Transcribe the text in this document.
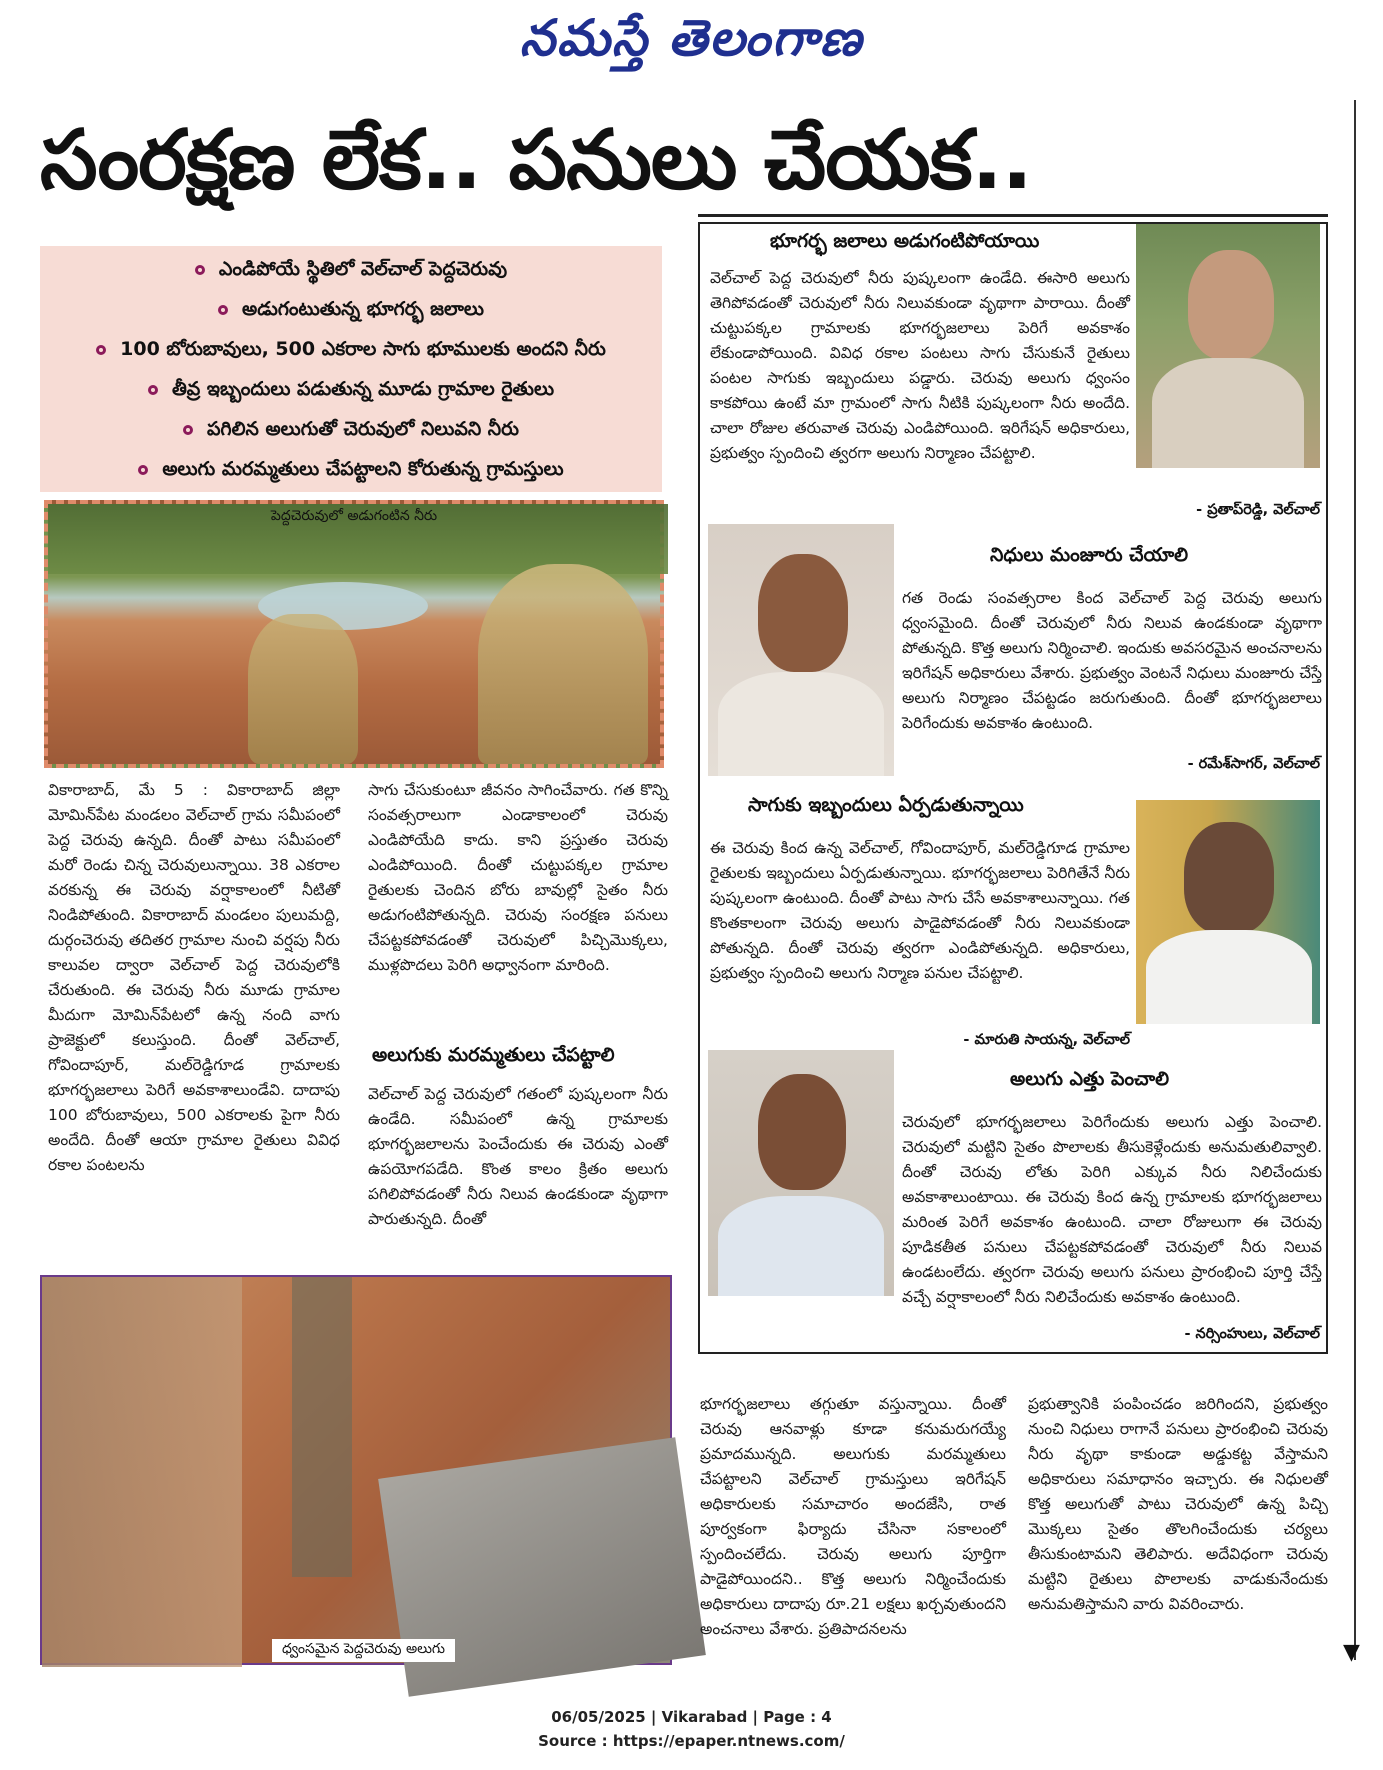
నమస్తే తెలంగాణ
సంరక్షణ లేక.. పనులు చేయక..
▼
ఎండిపోయే స్థితిలో వెల్‌చాల్ పెద్దచెరువు
అడుగంటుతున్న భూగర్భ జలాలు
100 బోరుబావులు, 500 ఎకరాల సాగు భూములకు అందని నీరు
తీవ్ర ఇబ్బందులు పడుతున్న మూడు గ్రామాల రైతులు
పగిలిన అలుగుతో చెరువులో నిలువని నీరు
అలుగు మరమ్మతులు చేపట్టాలని కోరుతున్న గ్రామస్తులు
పెద్దచెరువులో అడుగంటిన నీరు
వికారాబాద్, మే 5 : వికారాబాద్ జిల్లా మోమిన్‌పేట మండలం వెల్‌చాల్ గ్రామ సమీపంలో పెద్ద చెరువు ఉన్నది. దీంతో పాటు సమీపంలో మరో రెండు చిన్న చెరువులున్నాయి. 38 ఎకరాల వరకున్న ఈ చెరువు వర్షాకాలంలో నీటితో నిండిపోతుంది. వికారాబాద్ మండలం పులుమద్ది, దుర్గంచెరువు తదితర గ్రామాల నుంచి వర్షపు నీరు కాలువల ద్వారా వెల్‌చాల్ పెద్ద చెరువులోకి చేరుతుంది. ఈ చెరువు నీరు మూడు గ్రామాల మీదుగా మోమిన్‌పేటలో ఉన్న నంది వాగు ప్రాజెక్టులో కలుస్తుంది. దీంతో వెల్‌చాల్, గోవిందాపూర్, మల్‌రెడ్డిగూడ గ్రామాలకు భూగర్భజలాలు పెరిగే అవకాశాలుండేవి. దాదాపు 100 బోరుబావులు, 500 ఎకరాలకు పైగా నీరు అందేది. దీంతో ఆయా గ్రామాల రైతులు వివిధ రకాల పంటలను
సాగు చేసుకుంటూ జీవనం సాగించేవారు. గత కొన్ని సంవత్సరాలుగా ఎండాకాలంలో చెరువు ఎండిపోయేది కాదు. కాని ప్రస్తుతం చెరువు ఎండిపోయింది. దీంతో చుట్టుపక్కల గ్రామాల రైతులకు చెందిన బోరు బావుల్లో సైతం నీరు అడుగంటిపోతున్నది. చెరువు సంరక్షణ పనులు చేపట్టకపోవడంతో చెరువులో పిచ్చిమొక్కలు, ముళ్లపొదలు పెరిగి అధ్వానంగా మారింది.
అలుగుకు మరమ్మతులు చేపట్టాలి
వెల్‌చాల్ పెద్ద చెరువులో గతంలో పుష్కలంగా నీరు ఉండేది. సమీపంలో ఉన్న గ్రామాలకు భూగర్భజలాలను పెంచేందుకు ఈ చెరువు ఎంతో ఉపయోగపడేది. కొంత కాలం క్రితం అలుగు పగిలిపోవడంతో నీరు నిలువ ఉండకుండా వృథాగా పారుతున్నది. దీంతో
ధ్వంసమైన పెద్దచెరువు అలుగు
భూగర్భ జలాలు అడుగంటిపోయాయి
వెల్‌చాల్ పెద్ద చెరువులో నీరు పుష్కలంగా ఉండేది. ఈసారి అలుగు తెగిపోవడంతో చెరువులో నీరు నిలువకుండా వృథాగా పారాయి. దీంతో చుట్టుపక్కల గ్రామాలకు భూగర్భజలాలు పెరిగే అవకాశం లేకుండాపోయింది. వివిధ రకాల పంటలు సాగు చేసుకునే రైతులు పంటల సాగుకు ఇబ్బందులు పడ్డారు. చెరువు అలుగు ధ్వంసం కాకపోయి ఉంటే మా గ్రామంలో సాగు నీటికి పుష్కలంగా నీరు అందేది. చాలా రోజుల తరువాత చెరువు ఎండిపోయింది. ఇరిగేషన్ అధికారులు, ప్రభుత్వం స్పందించి త్వరగా అలుగు నిర్మాణం చేపట్టాలి.
- ప్రతాప్‌రెడ్డి, వెల్‌చాల్
నిధులు మంజూరు చేయాలి
గత రెండు సంవత్సరాల కింద వెల్‌చాల్ పెద్ద చెరువు అలుగు ధ్వంసమైంది. దీంతో చెరువులో నీరు నిలువ ఉండకుండా వృథాగా పోతున్నది. కొత్త అలుగు నిర్మించాలి. ఇందుకు అవసరమైన అంచనాలను ఇరిగేషన్ అధికారులు వేశారు. ప్రభుత్వం వెంటనే నిధులు మంజూరు చేస్తే అలుగు నిర్మాణం చేపట్టడం జరుగుతుంది. దీంతో భూగర్భజలాలు పెరిగేందుకు అవకాశం ఉంటుంది.
- రమేశ్‌సాగర్, వెల్‌చాల్
సాగుకు ఇబ్బందులు ఏర్పడుతున్నాయి
ఈ చెరువు కింద ఉన్న వెల్‌చాల్, గోవిందాపూర్, మల్‌రెడ్డిగూడ గ్రామాల రైతులకు ఇబ్బందులు ఏర్పడుతున్నాయి. భూగర్భజలాలు పెరిగితేనే నీరు పుష్కలంగా ఉంటుంది. దీంతో పాటు సాగు చేసే అవకాశాలున్నాయి. గత కొంతకాలంగా చెరువు అలుగు పాడైపోవడంతో నీరు నిలువకుండా పోతున్నది. దీంతో చెరువు త్వరగా ఎండిపోతున్నది. అధికారులు, ప్రభుత్వం స్పందించి అలుగు నిర్మాణ పనుల చేపట్టాలి.
- మారుతి సాయన్న, వెల్‌చాల్
అలుగు ఎత్తు పెంచాలి
చెరువులో భూగర్భజలాలు పెరిగేందుకు అలుగు ఎత్తు పెంచాలి. చెరువులో మట్టిని సైతం పొలాలకు తీసుకెళ్లేందుకు అనుమతులివ్వాలి. దీంతో చెరువు లోతు పెరిగి ఎక్కువ నీరు నిలిచేందుకు అవకాశాలుంటాయి. ఈ చెరువు కింద ఉన్న గ్రామాలకు భూగర్భజలాలు మరింత పెరిగే అవకాశం ఉంటుంది. చాలా రోజులుగా ఈ చెరువు పూడికతీత పనులు చేపట్టకపోవడంతో చెరువులో నీరు నిలువ ఉండటంలేదు. త్వరగా చెరువు అలుగు పనులు ప్రారంభించి పూర్తి చేస్తే వచ్చే వర్షాకాలంలో నీరు నిలిచేందుకు అవకాశం ఉంటుంది.
- నర్సింహులు, వెల్‌చాల్
భూగర్భజలాలు తగ్గుతూ వస్తున్నాయి. దీంతో చెరువు ఆనవాళ్లు కూడా కనుమరుగయ్యే ప్రమాదమున్నది. అలుగుకు మరమ్మతులు చేపట్టాలని వెల్‌చాల్ గ్రామస్తులు ఇరిగేషన్ అధికారులకు సమాచారం అందజేసి, రాత పూర్వకంగా ఫిర్యాదు చేసినా సకాలంలో స్పందించలేదు. చెరువు అలుగు పూర్తిగా పాడైపోయిందని.. కొత్త అలుగు నిర్మించేందుకు అధికారులు దాదాపు రూ.21 లక్షలు ఖర్చవుతుందని అంచనాలు వేశారు. ప్రతిపాదనలను
ప్రభుత్వానికి పంపించడం జరిగిందని, ప్రభుత్వం నుంచి నిధులు రాగానే పనులు ప్రారంభించి చెరువు నీరు వృథా కాకుండా అడ్డుకట్ట వేస్తామని అధికారులు సమాధానం ఇచ్చారు. ఈ నిధులతో కొత్త అలుగుతో పాటు చెరువులో ఉన్న పిచ్చి మొక్కలు సైతం తొలగించేందుకు చర్యలు తీసుకుంటామని తెలిపారు. అదేవిధంగా చెరువు మట్టిని రైతులు పొలాలకు వాడుకునేందుకు అనుమతిస్తామని వారు వివరించారు.
06/05/2025 | Vikarabad | Page : 4
Source : https://epaper.ntnews.com/
